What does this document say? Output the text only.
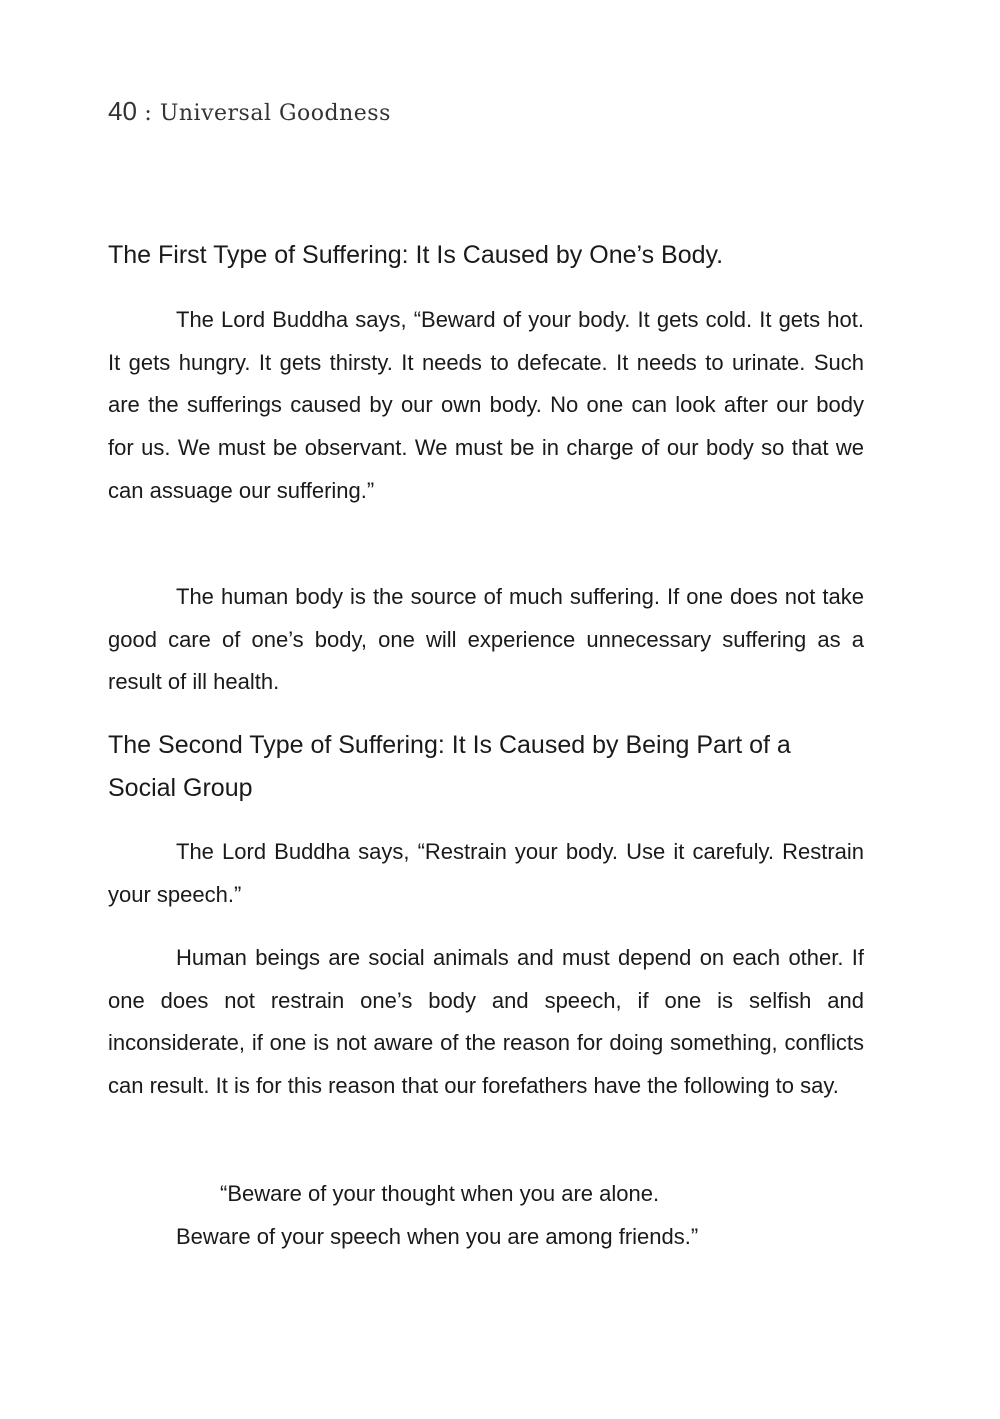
40 : Universal Goodness
The First Type of Suffering: It Is Caused by One’s Body.

The Lord Buddha says, “Beward of your body. It gets cold. It gets hot. It gets hungry. It gets thirsty. It needs to defecate. It needs to urinate. Such are the sufferings caused by our own body. No one can look after our body for us. We must be observant. We must be in charge of our body so that we can assuage our suffering.”

The human body is the source of much suffering. If one does not take good care of one’s body, one will experience unnecessary suffering as a result of ill health.

The Second Type of Suffering: It Is Caused by Being Part of a Social Group

The Lord Buddha says, “Restrain your body. Use it carefuly. Restrain your speech.”

Human beings are social animals and must depend on each other. If one does not restrain one’s body and speech, if one is selfish and inconsiderate, if one is not aware of the reason for doing something, conflicts can result. It is for this reason that our forefathers have the following to say.

“Beware of your thought when you are alone.

Beware of your speech when you are among friends.”
